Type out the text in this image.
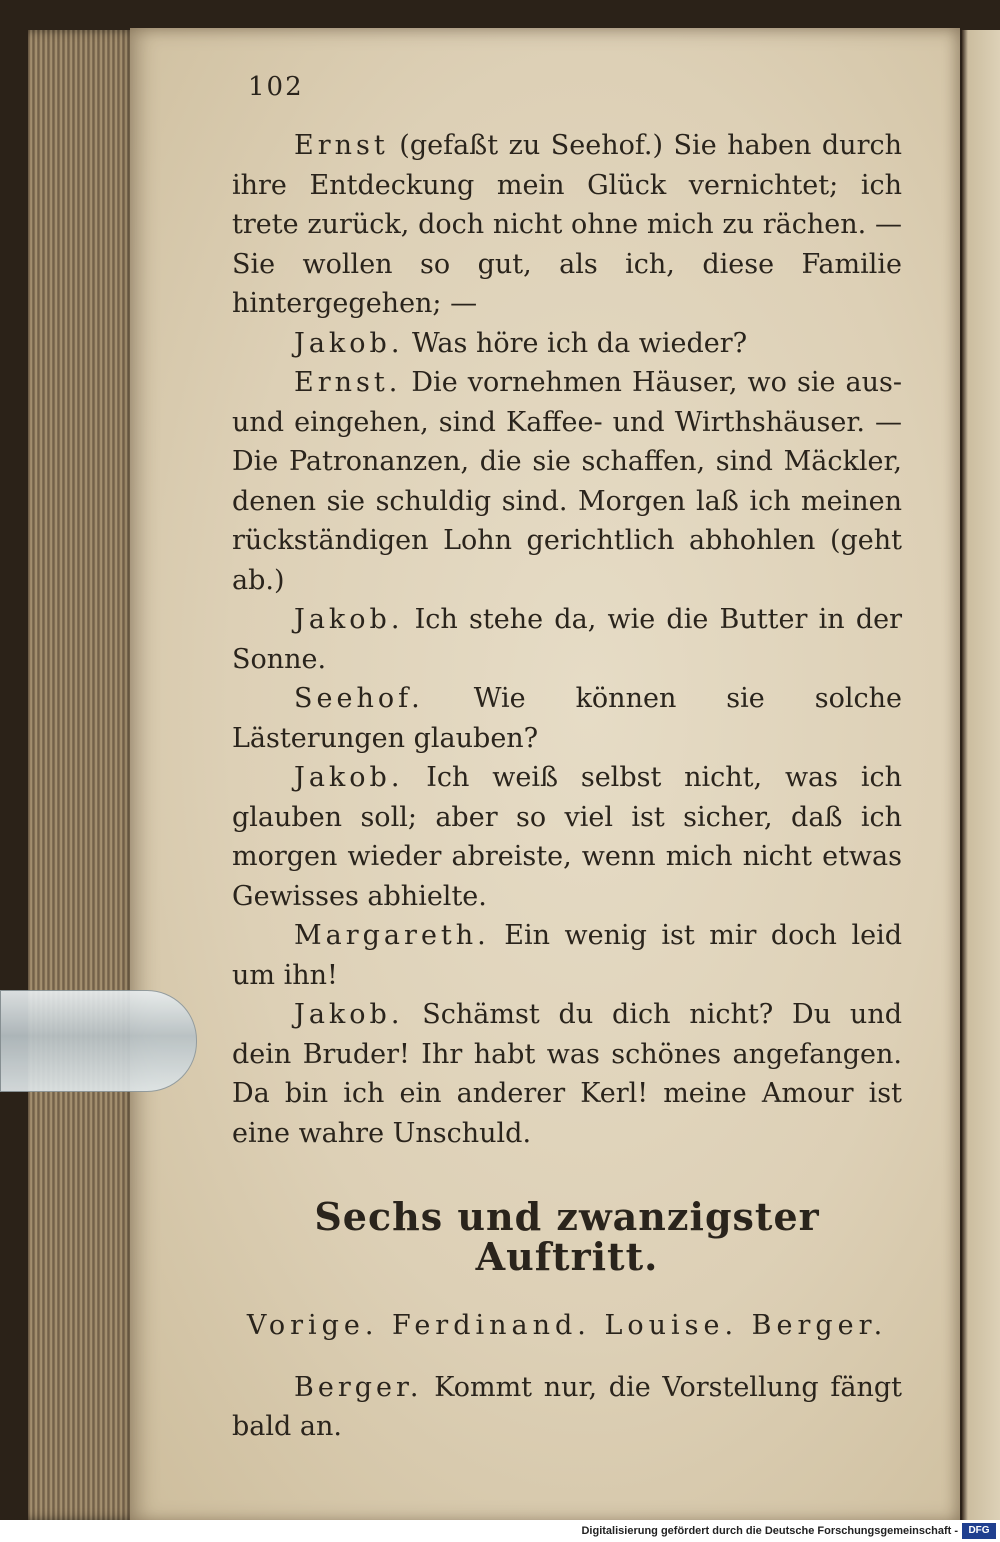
102

Ernst (gefaßt zu Seehof.) Sie haben durch ihre Entdeckung mein Glück vernichtet; ich trete zurück, doch nicht ohne mich zu rächen. — Sie wollen so gut, als ich, diese Familie hintergegehen; —

Jakob. Was höre ich da wieder?

Ernst. Die vornehmen Häuser, wo sie aus- und eingehen, sind Kaffee- und Wirthshäuser. — Die Patronanzen, die sie schaffen, sind Mäckler, denen sie schuldig sind. Morgen laß ich meinen rückständigen Lohn gerichtlich abhohlen (geht ab.)

Jakob. Ich stehe da, wie die Butter in der Sonne.

Seehof. Wie können sie solche Lästerungen glauben?

Jakob. Ich weiß selbst nicht, was ich glauben soll; aber so viel ist sicher, daß ich morgen wieder abreiste, wenn mich nicht etwas Gewisses abhielte.

Margareth. Ein wenig ist mir doch leid um ihn!

Jakob. Schämst du dich nicht? Du und dein Bruder! Ihr habt was schönes angefangen. Da bin ich ein anderer Kerl! meine Amour ist eine wahre Unschuld.

Sechs und zwanzigster Auftritt.
Vorige. Ferdinand. Louise. Berger.

Berger. Kommt nur, die Vorstellung fängt bald an.

Digitalisierung gefördert durch die Deutsche Forschungsgemeinschaft -	DFG
